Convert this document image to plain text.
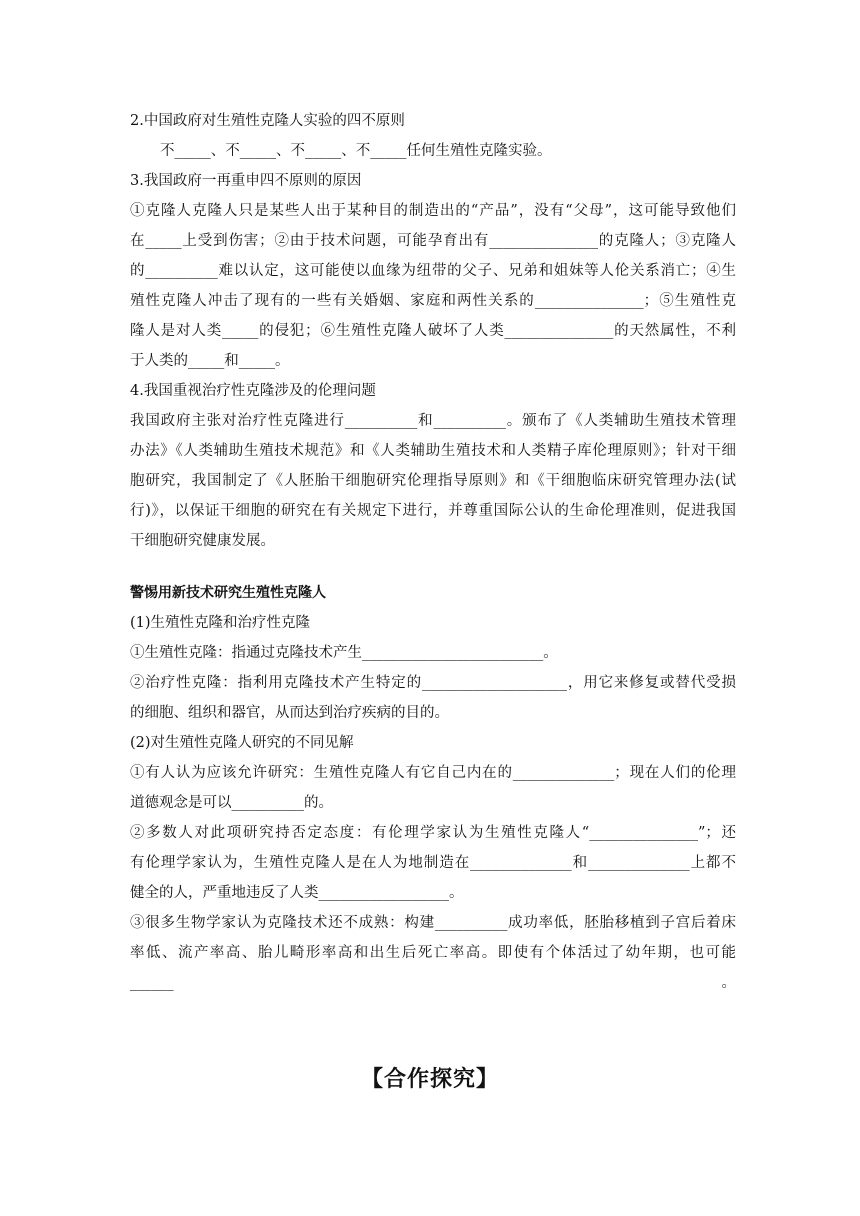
2.中国政府对生殖性克隆人实验的四不原则
不_____、不_____、不_____、不_____任何生殖性克隆实验。
3.我国政府一再重申四不原则的原因
①克隆人克隆人只是某些人出于某种目的制造出的“产品”，没有“父母”，这可能导致他们
在_____上受到伤害；②由于技术问题，可能孕育出有_______________的克隆人；③克隆人
的__________难以认定，这可能使以血缘为纽带的父子、兄弟和姐妹等人伦关系消亡；④生
殖性克隆人冲击了现有的一些有关婚姻、家庭和两性关系的_______________；⑤生殖性克
隆人是对人类_____的侵犯；⑥生殖性克隆人破坏了人类_______________的天然属性，不利
于人类的_____和_____。
4.我国重视治疗性克隆涉及的伦理问题
我国政府主张对治疗性克隆进行__________和__________。颁布了《人类辅助生殖技术管理
办法》《人类辅助生殖技术规范》和《人类辅助生殖技术和人类精子库伦理原则》；针对干细
胞研究，我国制定了《人胚胎干细胞研究伦理指导原则》和《干细胞临床研究管理办法(试
行)》，以保证干细胞的研究在有关规定下进行，并尊重国际公认的生命伦理准则，促进我国
干细胞研究健康发展。
警惕用新技术研究生殖性克隆人
(1)生殖性克隆和治疗性克隆
①生殖性克隆：指通过克隆技术产生_________________________。
②治疗性克隆：指利用克隆技术产生特定的____________________，用它来修复或替代受损
的细胞、组织和器官，从而达到治疗疾病的目的。
(2)对生殖性克隆人研究的不同见解
①有人认为应该允许研究：生殖性克隆人有它自己内在的______________；现在人们的伦理
道德观念是可以__________的。
②多数人对此项研究持否定态度：有伦理学家认为生殖性克隆人“_______________”；还
有伦理学家认为，生殖性克隆人是在人为地制造在______________和______________上都不
健全的人，严重地违反了人类__________________。
③很多生物学家认为克隆技术还不成熟：构建__________成功率低，胚胎移植到子宫后着床
率低、流产率高、胎儿畸形率高和出生后死亡率高。即使有个体活过了幼年期，也可能______。
【合作探究】
